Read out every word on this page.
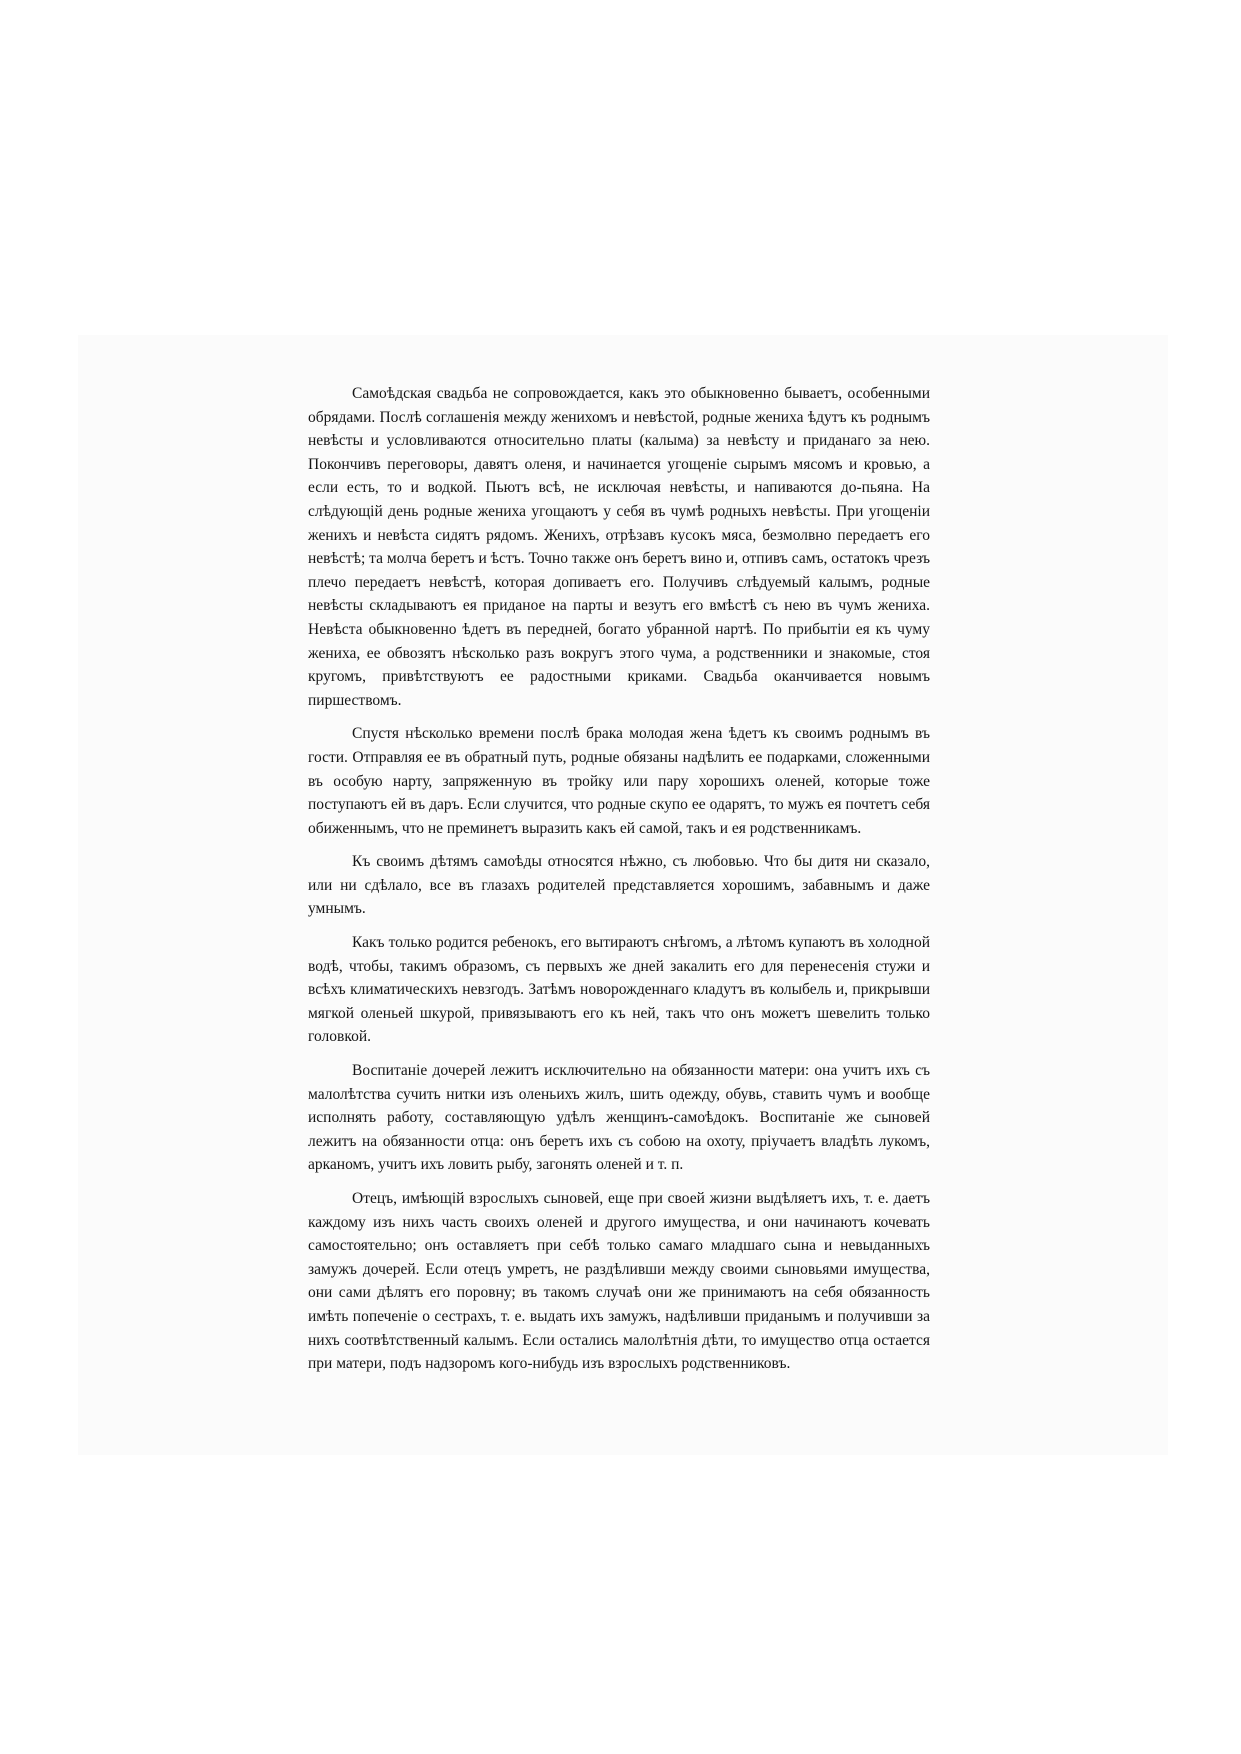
Самоѣдская свадьба не сопровождается, какъ это обыкновенно бываетъ, особенными обрядами. Послѣ соглашенія между женихомъ и невѣстой, родные жениха ѣдутъ къ роднымъ невѣсты и условливаются относительно платы (калыма) за невѣсту и приданаго за нею. Покончивъ переговоры, давятъ оленя, и начинается угощеніе сырымъ мясомъ и кровью, а если есть, то и водкой. Пьютъ всѣ, не исключая невѣсты, и напиваются до-пьяна. На слѣдующій день родные жениха угощаютъ у себя въ чумѣ родныхъ невѣсты. При угощеніи женихъ и невѣста сидятъ рядомъ. Женихъ, отрѣзавъ кусокъ мяса, безмолвно передаетъ его невѣстѣ; та молча беретъ и ѣстъ. Точно также онъ беретъ вино и, отпивъ самъ, остатокъ чрезъ плечо передаетъ невѣстѣ, которая допиваетъ его. Получивъ слѣдуемый калымъ, родные невѣсты складываютъ ея приданое на парты и везутъ его вмѣстѣ съ нею въ чумъ жениха. Невѣста обыкновенно ѣдетъ въ передней, богато убранной нартѣ. По прибытіи ея къ чуму жениха, ее обвозятъ нѣсколько разъ вокругъ этого чума, а родственники и знакомые, стоя кругомъ, привѣтствуютъ ее радостными криками. Свадьба оканчивается новымъ пиршествомъ.

Спустя нѣсколько времени послѣ брака молодая жена ѣдетъ къ своимъ роднымъ въ гости. Отправляя ее въ обратный путь, родные обязаны надѣлить ее подарками, сложенными въ особую нарту, запряженную въ тройку или пару хорошихъ оленей, которые тоже поступаютъ ей въ даръ. Если случится, что родные скупо ее одарятъ, то мужъ ея почтетъ себя обиженнымъ, что не преминетъ выразить какъ ей самой, такъ и ея родственникамъ.

Къ своимъ дѣтямъ самоѣды относятся нѣжно, съ любовью. Что бы дитя ни сказало, или ни сдѣлало, все въ глазахъ родителей представляется хорошимъ, забавнымъ и даже умнымъ.

Какъ только родится ребенокъ, его вытираютъ снѣгомъ, а лѣтомъ купаютъ въ холодной водѣ, чтобы, такимъ образомъ, съ первыхъ же дней закалить его для перенесенія стужи и всѣхъ климатическихъ невзгодъ. Затѣмъ новорожденнаго кладутъ въ колыбель и, прикрывши мягкой оленьей шкурой, привязываютъ его къ ней, такъ что онъ можетъ шевелить только головкой.

Воспитаніе дочерей лежитъ исключительно на обязанности матери: она учитъ ихъ съ малолѣтства сучить нитки изъ оленьихъ жилъ, шить одежду, обувь, ставить чумъ и вообще исполнять работу, составляющую удѣлъ женщинъ-самоѣдокъ. Воспитаніе же сыновей лежитъ на обязанности отца: онъ беретъ ихъ съ собою на охоту, пріучаетъ владѣть лукомъ, арканомъ, учитъ ихъ ловить рыбу, загонять оленей и т. п.

Отецъ, имѣющій взрослыхъ сыновей, еще при своей жизни выдѣляетъ ихъ, т. е. даетъ каждому изъ нихъ часть своихъ оленей и другого имущества, и они начинаютъ кочевать самостоятельно; онъ оставляетъ при себѣ только самаго младшаго сына и невыданныхъ замужъ дочерей. Если отецъ умретъ, не раздѣливши между своими сыновьями имущества, они сами дѣлятъ его поровну; въ такомъ случаѣ они же принимаютъ на себя обязанность имѣть попеченіе о сестрахъ, т. е. выдать ихъ замужъ, надѣливши приданымъ и получивши за нихъ соотвѣтственный калымъ. Если остались малолѣтнія дѣти, то имущество отца остается при матери, подъ надзоромъ кого-нибудь изъ взрослыхъ родственниковъ.
